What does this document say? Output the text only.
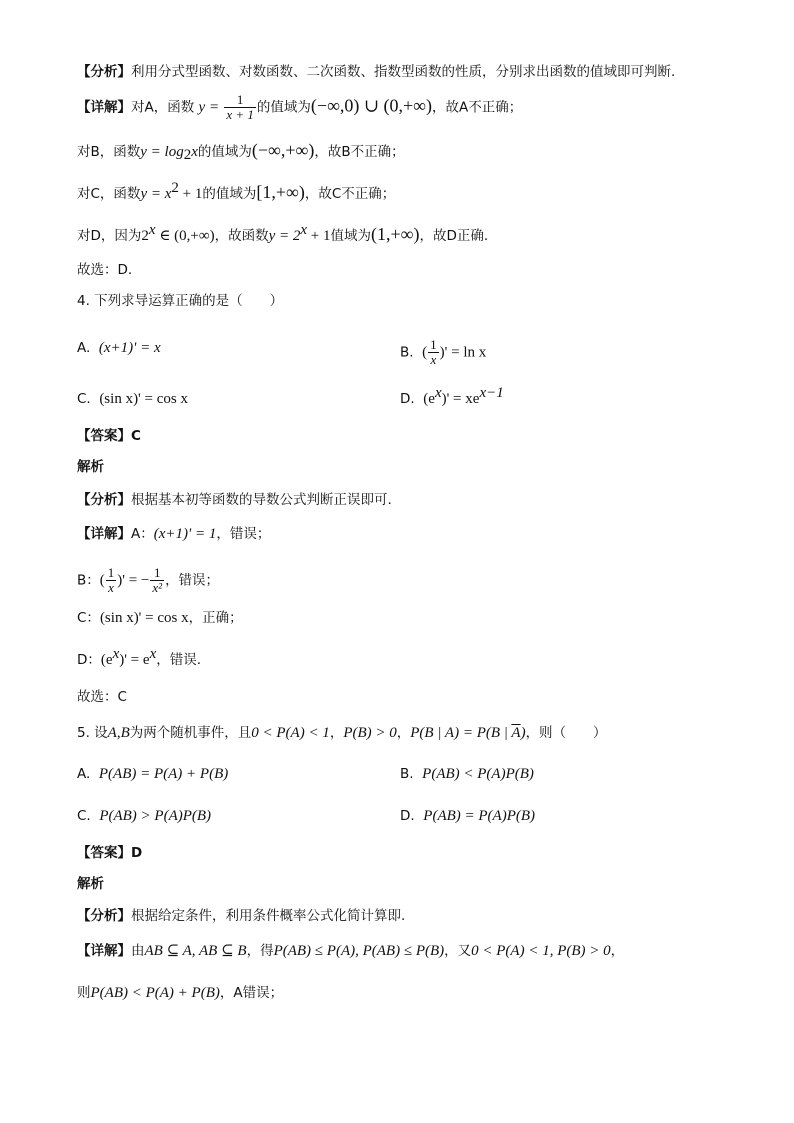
【分析】利用分式型函数、对数函数、二次函数、指数型函数的性质，分别求出函数的值域即可判断.
【详解】对A，函数 $y = \frac{1}{x + 1}$ 的值域为(−∞,0) ∪ (0,+∞)，故A不正确；
对B，函数$y = \log_2x$的值域为(−∞,+∞)，故B不正确；
对C，函数$y = x^2 + 1$的值域为[1,+∞)，故C不正确；
对D，因为2$^x$ ∈ (0,+∞)，故函数$y = 2^x + 1$值域为(1,+∞)，故D正确.
故选：D.
4. 下列求导运算正确的是（　　）
A. (x+1)' = x	B. ( $\frac{1}{x}$ )' = ln x
C. (sin x)' = cos x	D. $(e^x)' = xe^{x-1}$
【答案】C
解析
【分析】根据基本初等函数的导数公式判断正误即可.
【详解】A：(x+1)' = 1，错误；
B：( $\frac{1}{x}$ )' = − $\frac{1}{\text{x²}}$ ，错误；
C：(sin x)' = cos x，正确；
D：$(e^x)' = e^x$，错误.
故选：C
5. 设A,B为两个随机事件，且0 < P(A) < 1，P(B) > 0，P(B | A) = P(B | $\overline{A}$)，则（　　）
A. P(AB) = P(A) + P(B)	B. P(AB) < P(A)P(B)
C. P(AB) > P(A)P(B)	D. P(AB) = P(A)P(B)
【答案】D
解析
【分析】根据给定条件，利用条件概率公式化简计算即.
【详解】由AB ⊆ A, AB ⊆ B，得P(AB) ≤ P(A), P(AB) ≤ P(B)，又0 < P(A) < 1, P(B) > 0，
则P(AB) < P(A) + P(B)，A错误；
